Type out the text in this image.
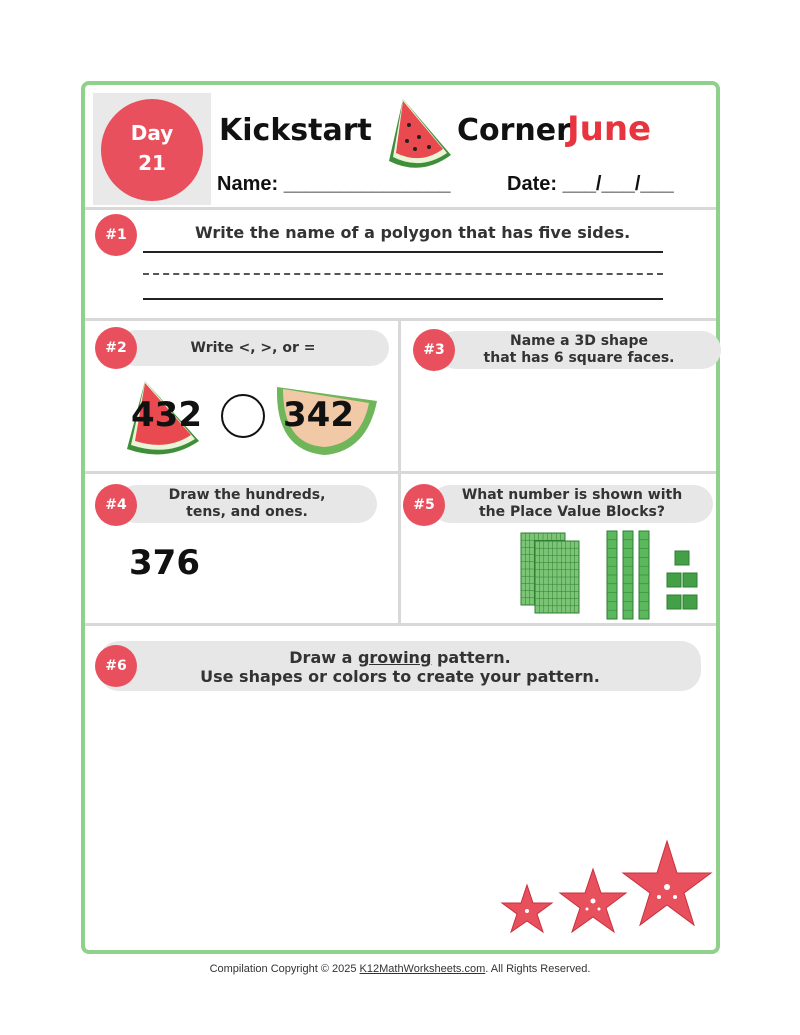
Day
21
Kickstart	Corner
June
Name: _______________	Date: ___/___/___
#1	Write the name of a polygon that has five sides.
Write <, >, or =
#2
432 342
Name a 3D shape
that has 6 square faces.
#3
Draw the hundreds,
tens, and ones.
#4
376
What number is shown with
the Place Value Blocks?
#5
Draw a growing pattern.
Use shapes or colors to create your pattern.
#6
Compilation Copyright © 2025 K12MathWorksheets.com. All Rights Reserved.
